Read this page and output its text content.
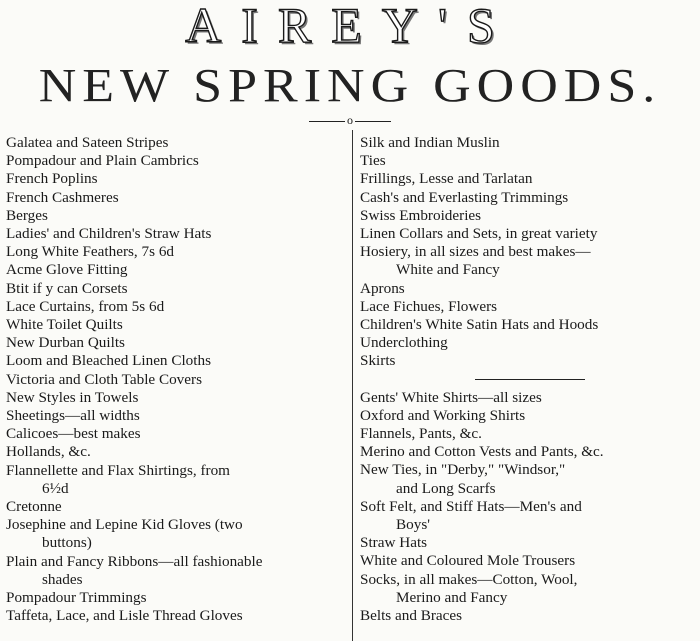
AIREY'S
NEW SPRING GOODS.
o
Galatea and Sateen Stripes
Pompadour and Plain Cambrics
French Poplins
French Cashmeres
Berges
Ladies' and Children's Straw Hats
Long White Feathers, 7s 6d
Acme Glove Fitting
Btit if y can Corsets
Lace Curtains, from 5s 6d
White Toilet Quilts
New Durban Quilts
Loom and Bleached Linen Cloths
Victoria and Cloth Table Covers
New Styles in Towels
Sheetings—all widths
Calicoes—best makes
Hollands, &c.
Flannellette and Flax Shirtings, from
6½d
Cretonne
Josephine and Lepine Kid Gloves (two
buttons)
Plain and Fancy Ribbons—all fashionable
shades
Pompadour Trimmings
Taffeta, Lace, and Lisle Thread Gloves
Silk and Indian Muslin
Ties
Frillings, Lesse and Tarlatan
Cash's and Everlasting Trimmings
Swiss Embroideries
Linen Collars and Sets, in great variety
Hosiery, in all sizes and best makes—
White and Fancy
Aprons
Lace Fichues, Flowers
Children's White Satin Hats and Hoods
Underclothing
Skirts
Gents' White Shirts—all sizes
Oxford and Working Shirts
Flannels, Pants, &c.
Merino and Cotton Vests and Pants, &c.
New Ties, in "Derby," "Windsor,"
and Long Scarfs
Soft Felt, and Stiff Hats—Men's and
Boys'
Straw Hats
White and Coloured Mole Trousers
Socks, in all makes—Cotton, Wool,
Merino and Fancy
Belts and Braces
